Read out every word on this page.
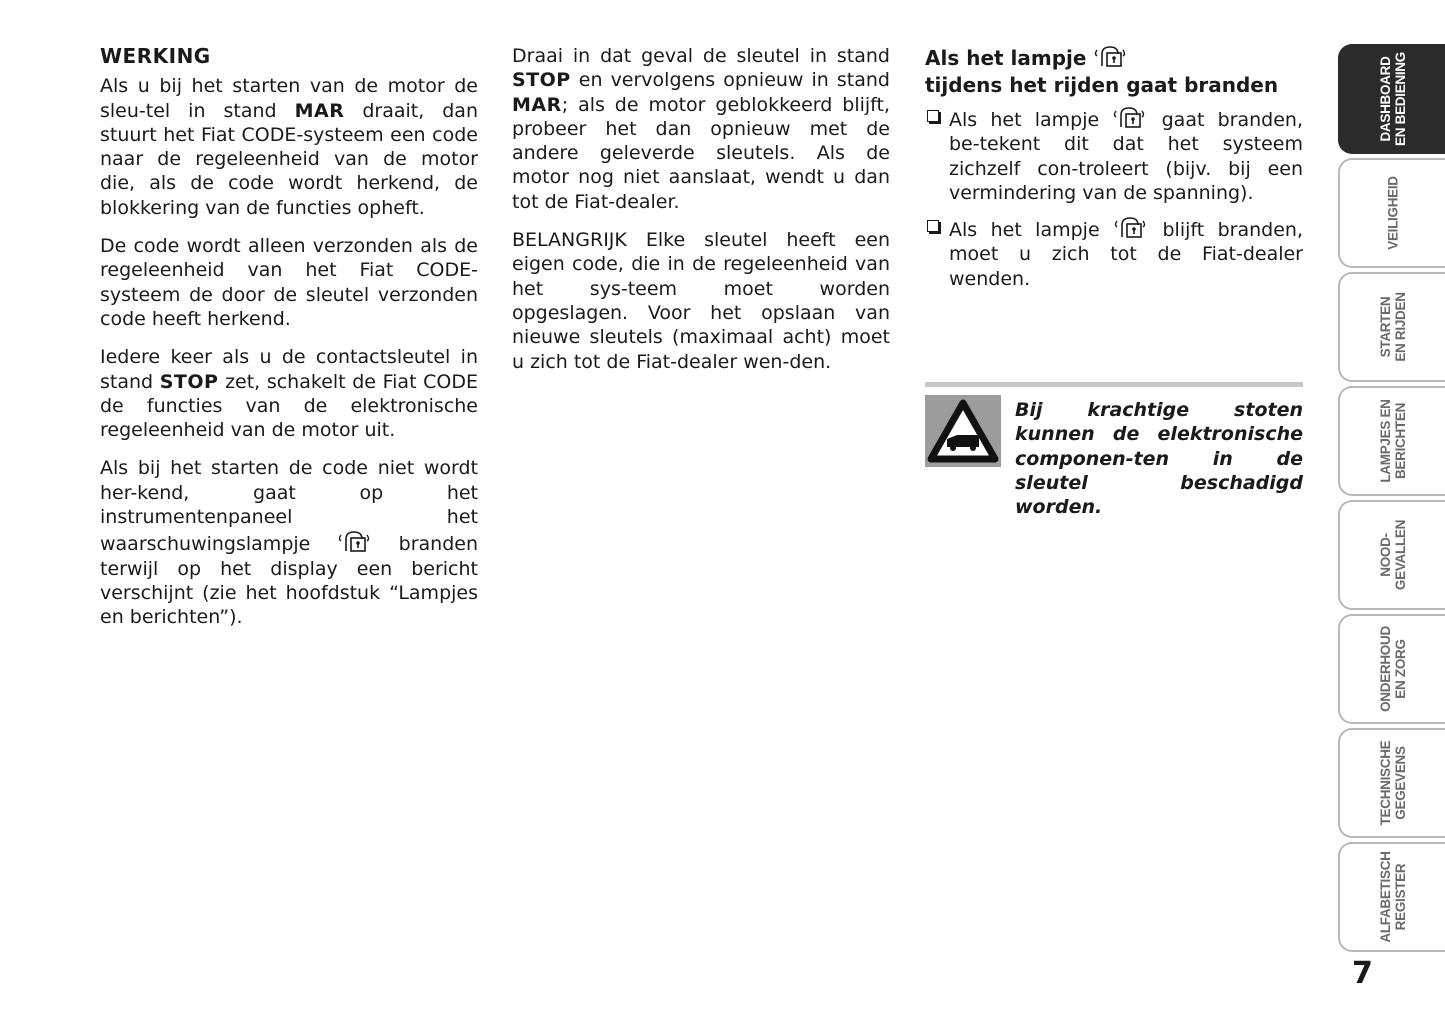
WERKING

Als u bij het starten van de motor de sleu-tel in stand MAR draait, dan stuurt het Fiat CODE-systeem een code naar de regeleenheid van de motor die, als de code wordt herkend, de blokkering van de functies opheft.

De code wordt alleen verzonden als de regeleenheid van het Fiat CODE-systeem de door de sleutel verzonden code heeft herkend.

Iedere keer als u de contactsleutel in stand STOP zet, schakelt de Fiat CODE de functies van de elektronische regeleenheid van de motor uit.

Als bij het starten de code niet wordt her-kend, gaat op het instrumentenpaneel het waarschuwingslampje	branden terwijl op het display een bericht verschijnt (zie het hoofdstuk “Lampjes en berichten”).

Draai in dat geval de sleutel in stand STOP en vervolgens opnieuw in stand MAR; als de motor geblokkeerd blijft, probeer het dan opnieuw met de andere geleverde sleutels. Als de motor nog niet aanslaat, wendt u dan tot de Fiat-dealer.

BELANGRIJK Elke sleutel heeft een eigen code, die in de regeleenheid van het sys-teem moet worden opgeslagen. Voor het opslaan van nieuwe sleutels (maximaal acht) moet u zich tot de Fiat-dealer wen-den.

Als het lampje
tijdens het rijden gaat branden
Als het lampje	gaat branden, be-tekent dit dat het systeem zichzelf con-troleert (bijv. bij een vermindering van de spanning).
Als het lampje	blijft branden, moet u zich tot de Fiat-dealer wenden.
Bij krachtige stoten kunnen de elektronische componen-ten in de sleutel beschadigd worden.
DASHBOARD EN BEDIENING
VEILIGHEID
STARTEN EN RIJDEN
LAMPJES EN BERICHTEN
NOOD- GEVALLEN
ONDERHOUD EN ZORG
TECHNISCHE GEGEVENS
ALFABETISCH REGISTER
7
